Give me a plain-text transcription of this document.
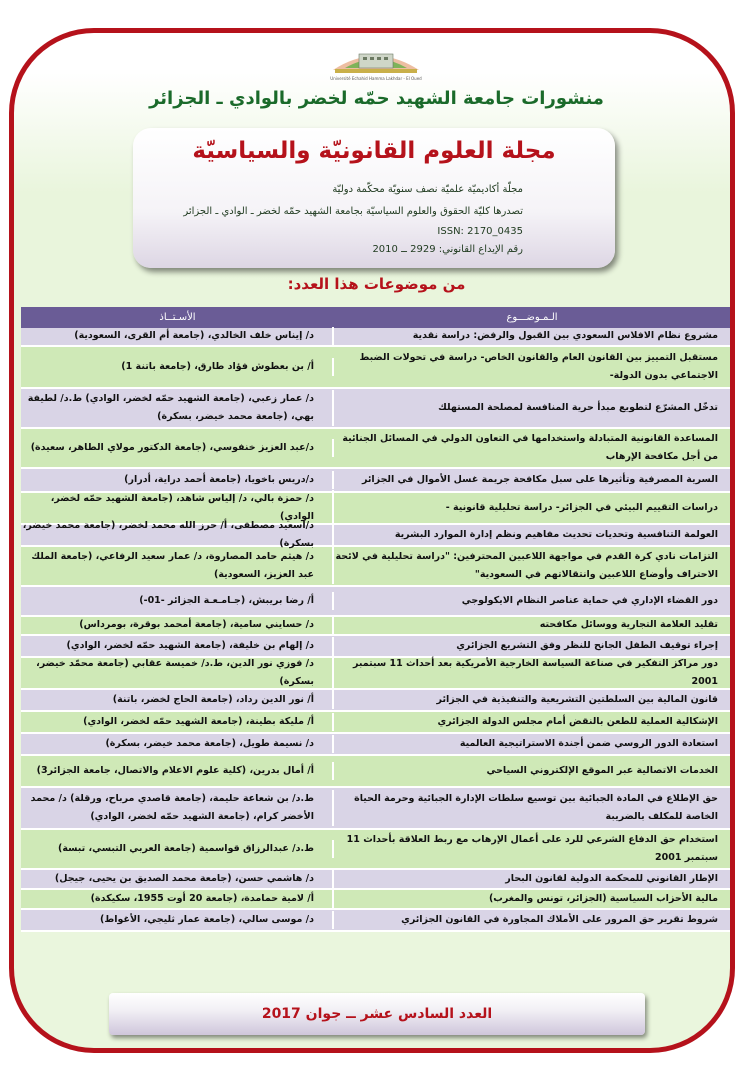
Université Echahid Hamma Lakhdar - El Oued
منشورات جامعة الشهيد حمّه لخضر بالوادي ـ الجزائر
مجلة العلوم القانونيّة والسياسيّة
مجلّة أكاديميّة علميّة نصف سنويّة محكّمة دوليّة
تصدرها كليّة الحقوق والعلوم السياسيّة بجامعة الشهيد حمّه لخضر ـ الوادي ـ الجزائر
ISSN: 2170_0435
رقم الإيداع القانوني: 2929 ــ 2010
من موضوعات هذا العدد:
الـمـوضـــوع
الأسـتــاذ
مشروع نظام الافلاس السعودي بين القبول والرفض: دراسة نقدية
د/ إيناس خلف الخالدي، (جامعة أم القرى، السعودية)
مستقبل التمييز بين القانون العام والقانون الخاص- دراسة في تحولات الضبط الاجتماعي بدون الدولة-
أ/ بن بعطوش فؤاد طارق، (جامعة باتنة 1)
تدخّل المشرّع لتطويع مبدأ حرية المنافسة لمصلحة المستهلك
د/ عمار زعبي، (جامعة الشهيد حمّه لخضر، الوادي) ط.د/ لطيفة بهي، (جامعة محمد خيضر، بسكرة)
المساعدة القانونية المتبادلة واستخدامها في التعاون الدولي في المسائل الجنائية من أجل مكافحة الإرهاب
د/عبد العزيز خنفوسي، (جامعة الدكتور مولاي الطاهر، سعيدة)
السرية المصرفية وتأثيرها على سبل مكافحة جريمة غسل الأموال في الجزائر
د/دريس باخويا، (جامعة أحمد دراية، أدرار)
دراسات التقييم البيئي في الجزائر- دراسة تحليلية قانونية -
د/ حمزة بالي، د/ إلياس شاهد، (جامعة الشهيد حمّه لخضر، الوادي)
العولمة التنافسية وتحديات تحديث مفاهيم ونظم إدارة الموارد البشرية
د/اسعيد مصطفى، أ/ حرز الله محمد لخضر، (جامعة محمد خيضر، بسكرة)
التزامات نادي كرة القدم في مواجهة اللاعبين المحترفين: "دراسة تحليلية في لائحة الاحتراف وأوضاع اللاعبين وانتقالاتهم في السعودية"
د/ هيثم حامد المصاروة، د/ عمار سعيد الرفاعي، (جامعة الملك عبد العزيز، السعودية)
دور القضاء الإداري في حماية عناصر النظام الايكولوجي
أ/ رضا بريبش، (جـامـعـة الجزائر -01-)
تقليد العلامة التجارية ووسائل مكافحته
د/ حسايني سامية، (جامعة أمحمد بوقرة، بومرداس)
إجراء توقيف الطفل الجانح للنظر وفق التشريع الجزائري
د/ إلهام بن خليفة، (جامعة الشهيد حمّه لخضر، الوادي)
دور مراكز التفكير في صناعة السياسة الخارجية الأمريكية بعد أحداث 11 سبتمبر 2001
د/ فوزي نور الدين، ط.د/ خميسة عقابي (جامعة محمّد خيضر، بسكرة)
قانون المالية بين السلطتين التشريعية والتنفيذية في الجزائر
أ/ نور الدين رداد، (جامعة الحاج لخضر، باتنة)
الإشكالية العملية للطعن بالنقض أمام مجلس الدولة الجزائري
أ/ مليكة بطينة، (جامعة الشهيد حمّه لخضر، الوادي)
استعادة الدور الروسي ضمن أجندة الاستراتيجية العالمية
د/ نسيمة طويل، (جامعة محمد خيضر، بسكرة)
الخدمات الاتصالية عبر الموقع الإلكتروني السياحي
أ/ أمال بدرين، (كلية علوم الاعلام والاتصال، جامعة الجزائر3)
حق الإطلاع في المادة الجبائية بين توسيع سلطات الإدارة الجبائية وحرمة الحياة الخاصة للمكلف بالضريبة
ط.د/ بن شعاعة حليمة، (جامعة قاصدي مرباح، ورقلة) د/ محمد الأخضر كرام، (جامعة الشهيد حمّه لخضر، الوادي)
استخدام حق الدفاع الشرعي للرد على أعمال الإرهاب مع ربط العلاقة بأحداث 11 سبتمبر 2001
ط.د/ عبدالرزاق قواسمية (جامعة العربي التبسي، تبسة)
الإطار القانوني للمحكمة الدولية لقانون البحار
د/ هاشمي حسن، (جامعة محمد الصديق بن يحيى، جيجل)
مالية الأحزاب السياسية (الجزائر، تونس والمغرب)
أ/ لامية حمامدة، (جامعة 20 أوت 1955، سكيكدة)
شروط تقرير حق المرور على الأملاك المجاورة في القانون الجزائري
د/ موسى سالي، (جامعة عمار ثليجي، الأغواط)
العدد السادس عشر ــ جوان 2017
